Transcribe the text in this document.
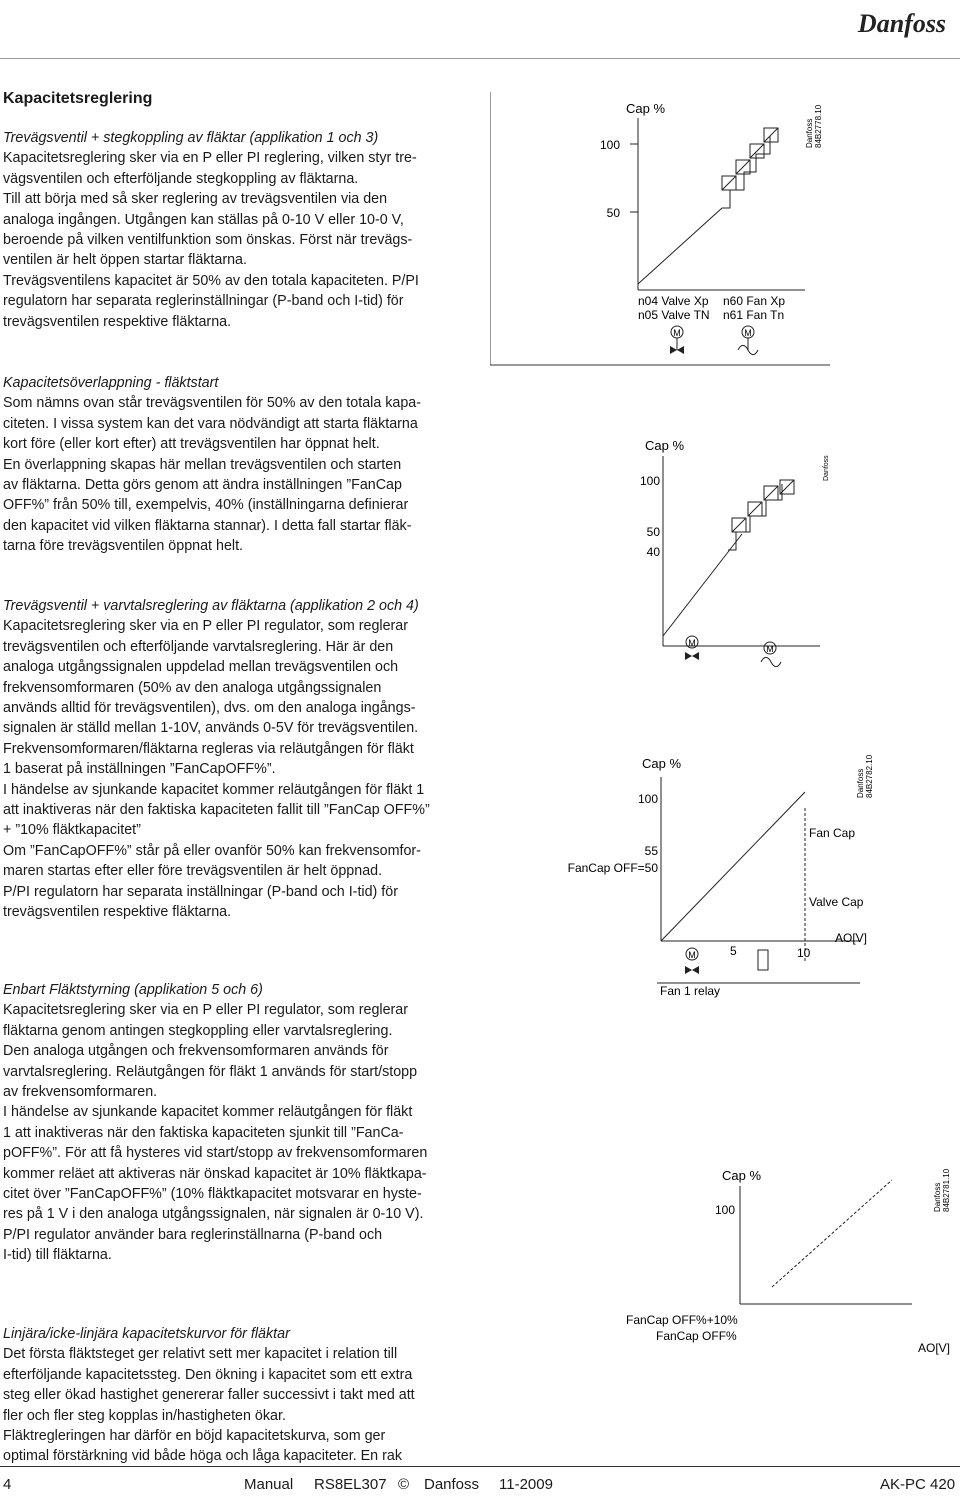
Danfoss
Kapacitetsreglering
Trevägsventil + stegkoppling av fläktar (applikation 1 och 3)
Kapacitetsreglering sker via en P eller PI reglering, vilken styr tre-
vägsventilen och efterföljande stegkoppling av fläktarna.
Till att börja med så sker reglering av trevägsventilen via den
analoga ingången. Utgången kan ställas på 0-10 V eller 10-0 V,
beroende på vilken ventilfunktion som önskas. Först när trevägs-
ventilen är helt öppen startar fläktarna.
Trevägsventilens kapacitet är 50% av den totala kapaciteten. P/PI
regulatorn har separata reglerinställningar (P-band och I-tid) för
trevägsventilen respektive fläktarna.
Kapacitetsöverlappning - fläktstart
Som nämns ovan står trevägsventilen för 50% av den totala kapa-
citeten. I vissa system kan det vara nödvändigt att starta fläktarna
kort före (eller kort efter) att trevägsventilen har öppnat helt.
En överlappning skapas här mellan trevägsventilen och starten
av fläktarna. Detta görs genom att ändra inställningen ”FanCap
OFF%” från 50% till, exempelvis, 40% (inställningarna definierar
den kapacitet vid vilken fläktarna stannar). I detta fall startar fläk-
tarna före trevägsventilen öppnat helt.
Trevägsventil + varvtalsreglering av fläktarna (applikation 2 och 4)
Kapacitetsreglering sker via en P eller PI regulator, som reglerar
trevägsventilen och efterföljande varvtalsreglering. Här är den
analoga utgångssignalen uppdelad mellan trevägsventilen och
frekvensomformaren (50% av den analoga utgångssignalen
används alltid för trevägsventilen), dvs. om den analoga ingångs-
signalen är ställd mellan 1-10V, används 0-5V för trevägsventilen.
Frekvensomformaren/fläktarna regleras via reläutgången för fläkt
1 baserat på inställningen ”FanCapOFF%”.
I händelse av sjunkande kapacitet kommer reläutgången för fläkt 1
att inaktiveras när den faktiska kapaciteten fallit till ”FanCap OFF%”
+ ”10% fläktkapacitet”
Om ”FanCapOFF%” står på eller ovanför 50% kan frekvensomfor-
maren startas efter eller före trevägsventilen är helt öppnad.
P/PI regulatorn har separata inställningar (P-band och I-tid) för
trevägsventilen respektive fläktarna.
Enbart Fläktstyrning (applikation 5 och 6)
Kapacitetsreglering sker via en P eller PI regulator, som reglerar
fläktarna genom antingen stegkoppling eller varvtalsreglering.
Den analoga utgången och frekvensomformaren används för
varvtalsreglering. Reläutgången för fläkt 1 används för start/stopp
av frekvensomformaren.
I händelse av sjunkande kapacitet kommer reläutgången för fläkt
1 att inaktiveras när den faktiska kapaciteten sjunkit till ”FanCa-
pOFF%”. För att få hysteres vid start/stopp av frekvensomformaren
kommer reläet att aktiveras när önskad kapacitet är 10% fläktkapa-
citet över ”FanCapOFF%” (10% fläktkapacitet motsvarar en hyste-
res på 1 V i den analoga utgångssignalen, när signalen är 0-10 V).
P/PI regulator använder bara reglerinställnarna (P-band och
I-tid) till fläktarna.
Linjära/icke-linjära kapacitetskurvor för fläktar
Det första fläktsteget ger relativt sett mer kapacitet i relation till
efterföljande kapacitetssteg. Den ökning i kapacitet som ett extra
steg eller ökad hastighet genererar faller successivt i takt med att
fler och fler steg kopplas in/hastigheten ökar.
Fläktregleringen har därför en böjd kapacitetskurva, som ger
optimal förstärkning vid både höga och låga kapaciteter. En rak
Cap %
100
50
n04 Valve Xp
n05 Valve TN
n60 Fan Xp
n61 Fan Tn
M	M
Danfoss 84B2778.10
Cap %
100
50
40
Danfoss
M
M
Cap %
100
55
FanCap OFF=50
Fan Cap
Valve Cap
AO[V]
5	10
M
Fan 1 relay
Danfoss 84B2782.10
Cap %
100
FanCap OFF%+10%
FanCap OFF%
AO[V]
Danfoss 84B2781.10
4	Manual RS8EL307 © Danfoss 11-2009	AK-PC 420
